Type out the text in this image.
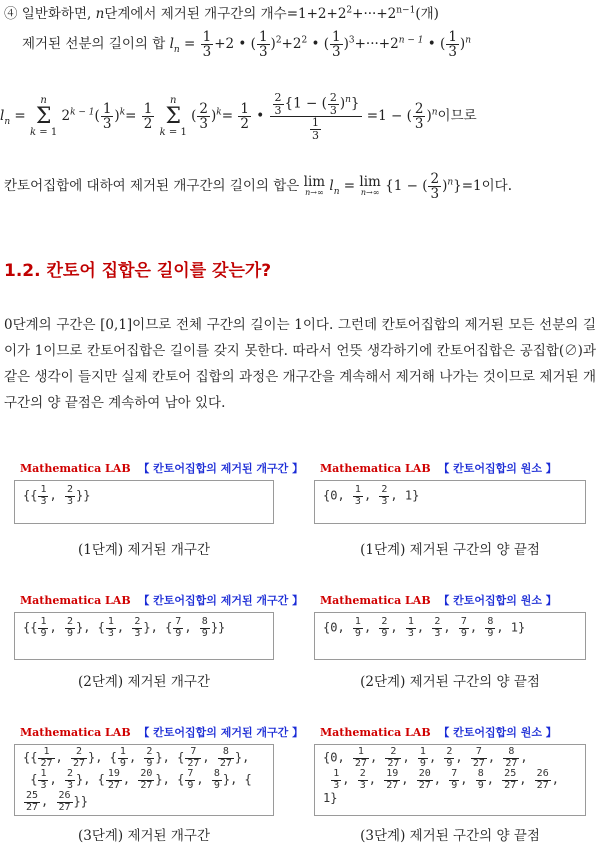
④ 일반화하면, n단계에서 제거된 개구간의 개수$=1+2+2^2+\cdot\cdot\cdot+2^{n-1}$(개)
제거된 선분의 길이의 합 $l_n = \frac{1}{3} +2$ • ( $\frac{1}{3} )^2+2^2$ • ( $\frac{1}{3} )^3+\cdot\cdot\cdot+2^{n - 1}$ • ( $\frac{1}{3} )^n$
$l_n = n$
Σ
k = 1 $2^{k - 1}( \frac{1}{3} )^k= \frac{1}{2}$
n
Σ
k = 1 ( $\frac{2}{3} )^k= \frac{1}{2}$ • $\frac{\frac{2}{3} \{1 - ( \frac{2}{3} )^n\}}{\frac{1}{3}} =1$ − ( $\frac{2}{3} )^n$이므로
칸토어집합에 대하여 제거된 개구간의 길이의 합은 lim
n→∞ $l_n = \lim$
n→∞ {1 − ( $\frac{2}{3} )^n\}=1$이다.
1.2. 칸토어 집합은 길이를 갖는가?
0단계의 구간은 [0,1]이므로 전체 구간의 길이는 1이다. 그런데 칸토어집합의 제거된 모든 선분의 길이가 1이므로 칸토어집합은 길이를 갖지 못한다. 따라서 언뜻 생각하기에 칸토어집합은 공집합(∅)과 같은 생각이 들지만 실제 칸토어 집합의 과정은 개구간을 계속해서 제거해 나가는 것이므로 제거된 개구간의 양 끝점은 계속하여 남아 있다.
Mathematica LAB 【 칸토어집합의 제거된 개구간 】
{{ $\frac{1}{3}$ , $\frac{2}{3}$ }}
(1단계) 제거된 개구간
Mathematica LAB 【 칸토어집합의 원소 】
{0, $\frac{1}{3}$ , $\frac{2}{3}$ , 1}
(1단계) 제거된 구간의 양 끝점
Mathematica LAB 【 칸토어집합의 제거된 개구간 】
{{ $\frac{1}{9}$ , $\frac{2}{9}$ }, { $\frac{1}{3}$ , $\frac{2}{3}$ }, { $\frac{7}{9}$ , $\frac{8}{9}$ }}
(2단계) 제거된 개구간
Mathematica LAB 【 칸토어집합의 원소 】
{0, $\frac{1}{9}$ , $\frac{2}{9}$ , $\frac{1}{3}$ , $\frac{2}{3}$ , $\frac{7}{9}$ , $\frac{8}{9}$ , 1}
(2단계) 제거된 구간의 양 끝점
Mathematica LAB 【 칸토어집합의 제거된 개구간 】
{{ $\frac{1}{27}$ , $\frac{2}{27}$ }, { $\frac{1}{9}$ , $\frac{2}{9}$ }, { $\frac{7}{27}$ , $\frac{8}{27}$ },
{ $\frac{1}{3}$ , $\frac{2}{3}$ }, { $\frac{19}{27}$ , $\frac{20}{27}$ }, { $\frac{7}{9}$ , $\frac{8}{9}$ }, {
$\frac{25}{27}$ , $\frac{26}{27}$ }}
(3단계) 제거된 개구간
Mathematica LAB 【 칸토어집합의 원소 】
{0, $\frac{1}{27}$ , $\frac{2}{27}$ , $\frac{1}{9}$ , $\frac{2}{9}$ , $\frac{7}{27}$ , $\frac{8}{27}$ ,

$\frac{1}{3}$ , $\frac{2}{3}$ , $\frac{19}{27}$ , $\frac{20}{27}$ , $\frac{7}{9}$ , $\frac{8}{9}$ , $\frac{25}{27}$ , $\frac{26}{27}$ , 1}
(3단계) 제거된 구간의 양 끝점
